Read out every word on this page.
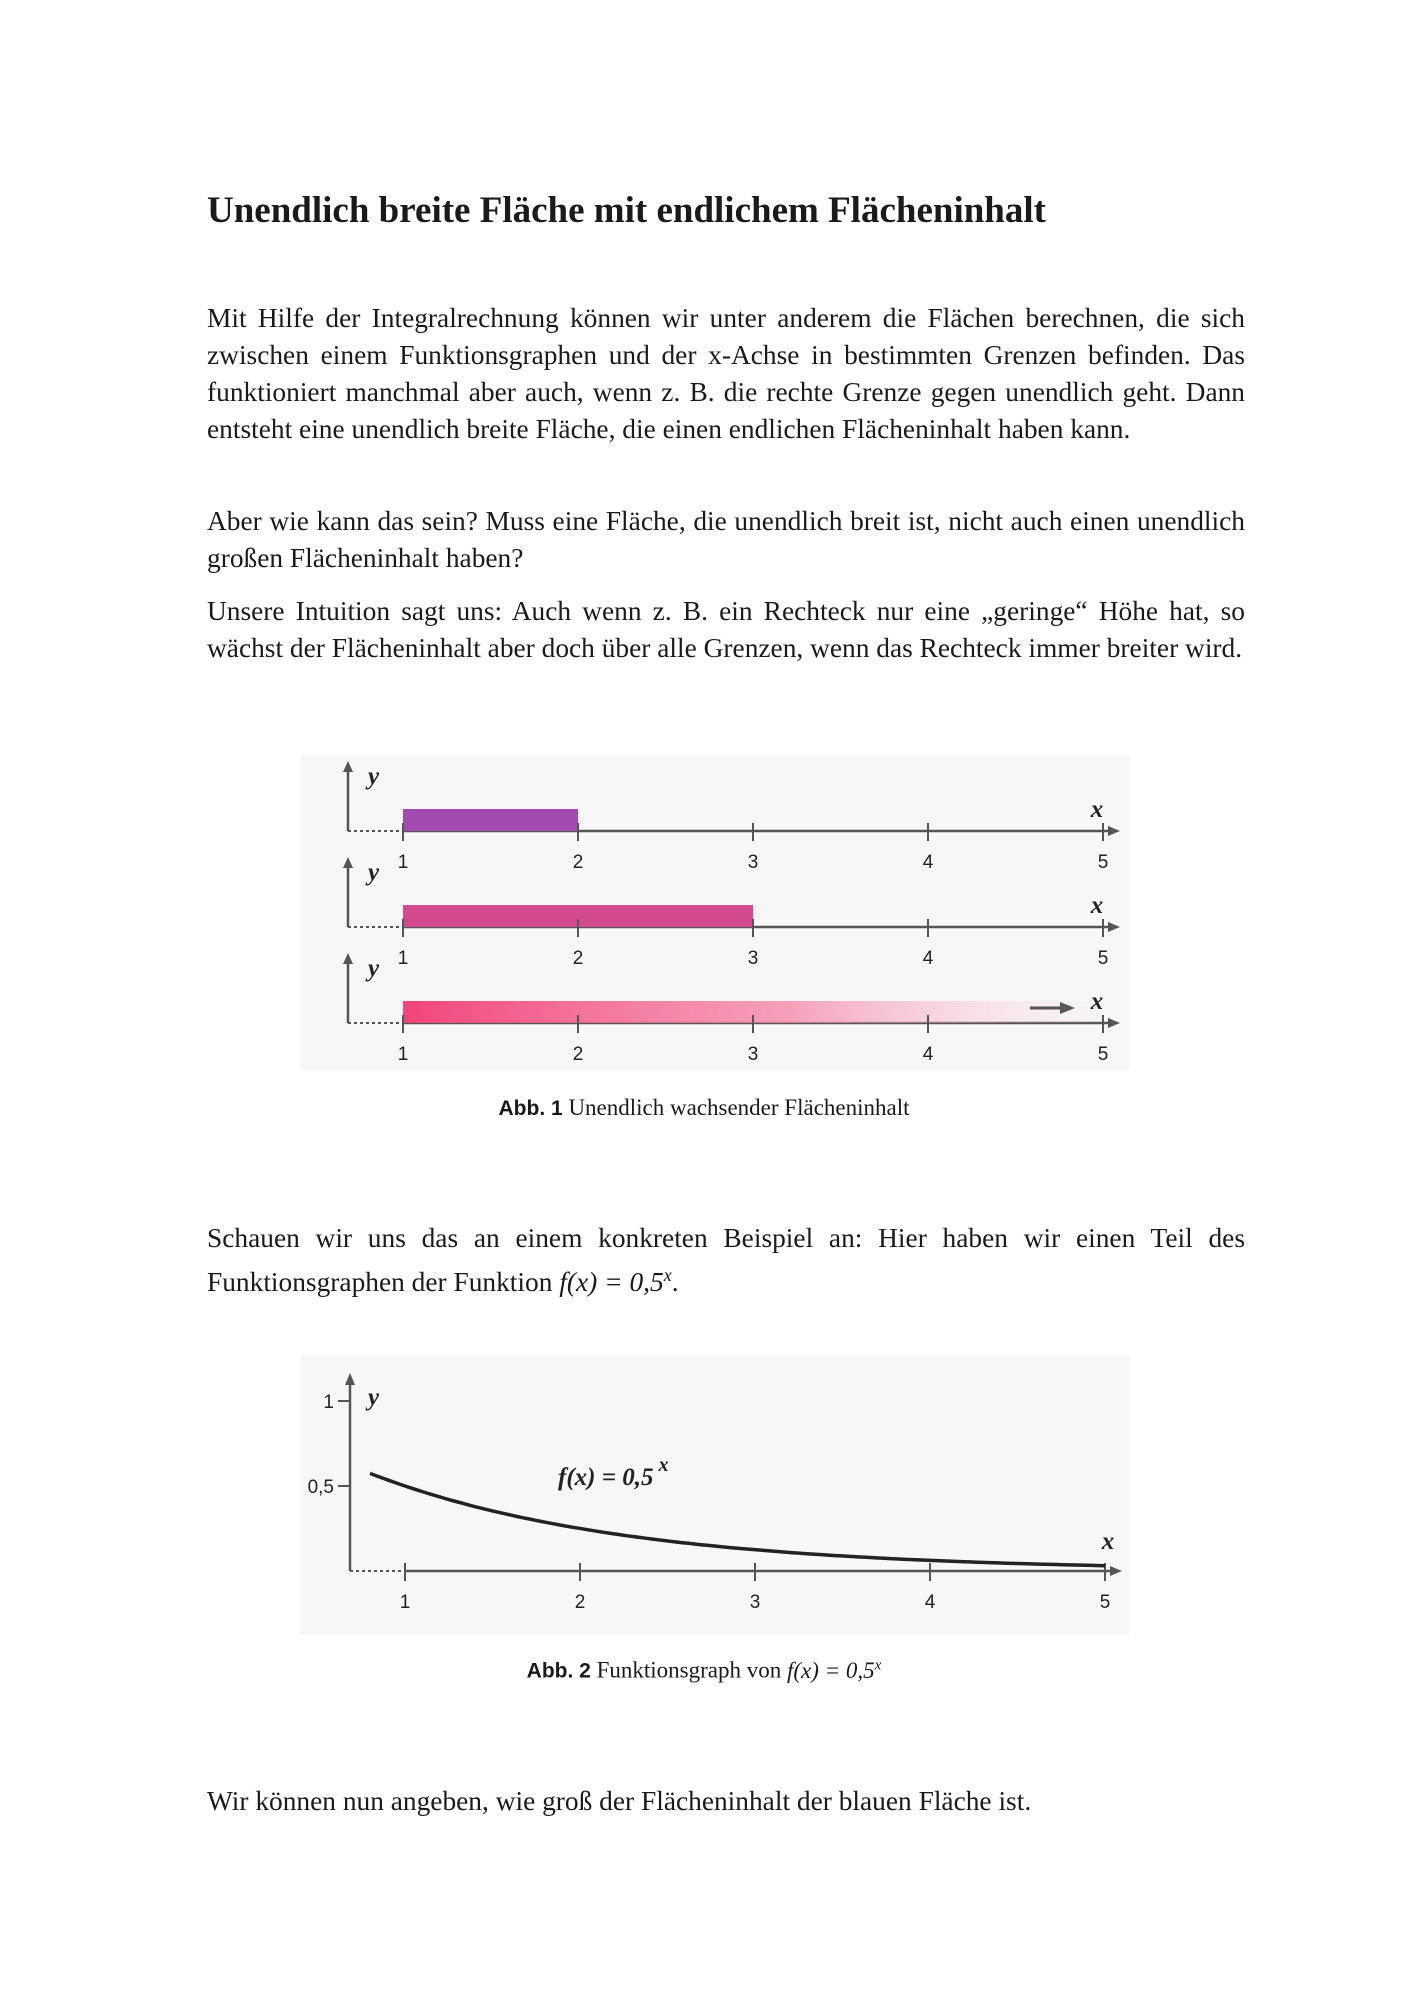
Unendlich breite Fläche mit endlichem Flächeninhalt

Mit Hilfe der Integralrechnung können wir unter anderem die Flächen berechnen, die sich zwischen einem Funktionsgraphen und der x-Achse in bestimmten Grenzen befinden. Das funktioniert manchmal aber auch, wenn z. B. die rechte Grenze gegen unendlich geht. Dann entsteht eine unendlich breite Fläche, die einen endlichen Flächeninhalt haben kann.

Aber wie kann das sein? Muss eine Fläche, die unendlich breit ist, nicht auch einen unendlich großen Flächeninhalt haben?

Unsere Intuition sagt uns: Auch wenn z. B. ein Rechteck nur eine „geringe“ Höhe hat, so wächst der Flächeninhalt aber doch über alle Grenzen, wenn das Rechteck immer breiter wird.

1	2	3	4	5
y
x
1	2	3	4	5
y
x
1	2	3	4	5
y
x
Abb. 1 Unendlich wachsender Flächeninhalt

Schauen wir uns das an einem konkreten Beispiel an: Hier haben wir einen Teil des Funktionsgraphen der Funktion $f(x) = 0,5^x$.

1	2	3	4	5
1
0,5
y
x
f(x) = 0,5 $^x$
Abb. 2 Funktionsgraph von $f(x) = 0,5^x$

Wir können nun angeben, wie groß der Flächeninhalt der blauen Fläche ist.
